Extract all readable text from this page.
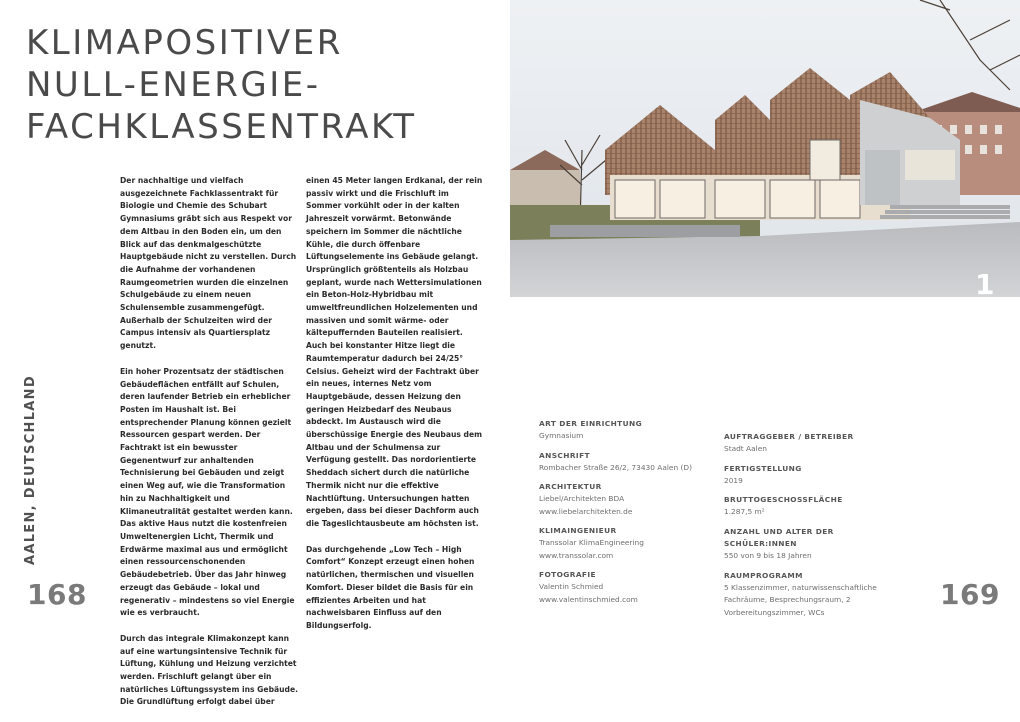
KLIMAPOSITIVER
NULL-ENERGIE-
FACHKLASSENTRAKT

Der nachhaltige und vielfach ausgezeichnete Fachklassentrakt für Biologie und Chemie des Schubart Gymnasiums gräbt sich aus Respekt vor dem Altbau in den Boden ein, um den Blick auf das denkmalgeschützte Hauptgebäude nicht zu verstellen. Durch die Aufnahme der vorhandenen Raumgeometrien wurden die einzelnen Schulgebäude zu einem neuen Schulensemble zusammengefügt. Außerhalb der Schulzeiten wird der Campus intensiv als Quartiersplatz genutzt.

Ein hoher Prozentsatz der städtischen Gebäudeflächen entfällt auf Schulen, deren laufender Betrieb ein erheblicher Posten im Haushalt ist. Bei entsprechender Planung können gezielt Ressourcen gespart werden. Der Fachtrakt ist ein bewusster Gegenentwurf zur anhaltenden Technisierung bei Gebäuden und zeigt einen Weg auf, wie die Transformation hin zu Nachhaltigkeit und Klimaneutralität gestaltet werden kann. Das aktive Haus nutzt die kostenfreien Umweltenergien Licht, Thermik und Erdwärme maximal aus und ermöglicht einen ressourcenschonenden Gebäudebetrieb. Über das Jahr hinweg erzeugt das Gebäude – lokal und regenerativ – mindestens so viel Energie wie es verbraucht.

Durch das integrale Klimakonzept kann auf eine wartungsintensive Technik für Lüftung, Kühlung und Heizung verzichtet werden. Frischluft gelangt über ein natürliches Lüftungssystem ins Gebäude. Die Grundlüftung erfolgt dabei über

einen 45 Meter langen Erdkanal, der rein passiv wirkt und die Frischluft im Sommer vorkühlt oder in der kalten Jahreszeit vorwärmt. Betonwände speichern im Sommer die nächtliche Kühle, die durch öffenbare Lüftungselemente ins Gebäude gelangt. Ursprünglich größtenteils als Holzbau geplant, wurde nach Wettersimulationen ein Beton-Holz-Hybridbau mit umweltfreundlichen Holzelementen und massiven und somit wärme- oder kältepuffernden Bauteilen realisiert. Auch bei konstanter Hitze liegt die Raumtemperatur dadurch bei 24/25° Celsius. Geheizt wird der Fachtrakt über ein neues, internes Netz vom Hauptgebäude, dessen Heizung den geringen Heizbedarf des Neubaus abdeckt. Im Austausch wird die überschüssige Energie des Neubaus dem Altbau und der Schulmensa zur Verfügung gestellt. Das nordorientierte Sheddach sichert durch die natürliche Thermik nicht nur die effektive Nachtlüftung. Untersuchungen hatten ergeben, dass bei dieser Dachform auch die Tageslichtausbeute am höchsten ist.

Das durchgehende „Low Tech – High Comfort“ Konzept erzeugt einen hohen natürlichen, thermischen und visuellen Komfort. Dieser bildet die Basis für ein effizientes Arbeiten und hat nachweisbaren Einfluss auf den Bildungserfolg.

AALEN, DEUTSCHLAND
168	169
1
ART DER EINRICHTUNG
Gymnasium
ANSCHRIFT
Rombacher Straße 26/2, 73430 Aalen (D)
ARCHITEKTUR
Liebel/Architekten BDA
www.liebelarchitekten.de
KLIMAINGENIEUR
Transsolar KlimaEngineering
www.transsolar.com
FOTOGRAFIE
Valentin Schmied
www.valentinschmied.com
AUFTRAGGEBER / BETREIBER
Stadt Aalen
FERTIGSTELLUNG
2019
BRUTTOGESCHOSSFLÄCHE
1.287,5 m²
ANZAHL UND ALTER DER SCHÜLER:INNEN
550 von 9 bis 18 Jahren
RAUMPROGRAMM
5 Klassenzimmer, naturwissenschaftliche Fachräume, Besprechungsraum, 2 Vorbereitungszimmer, WCs
